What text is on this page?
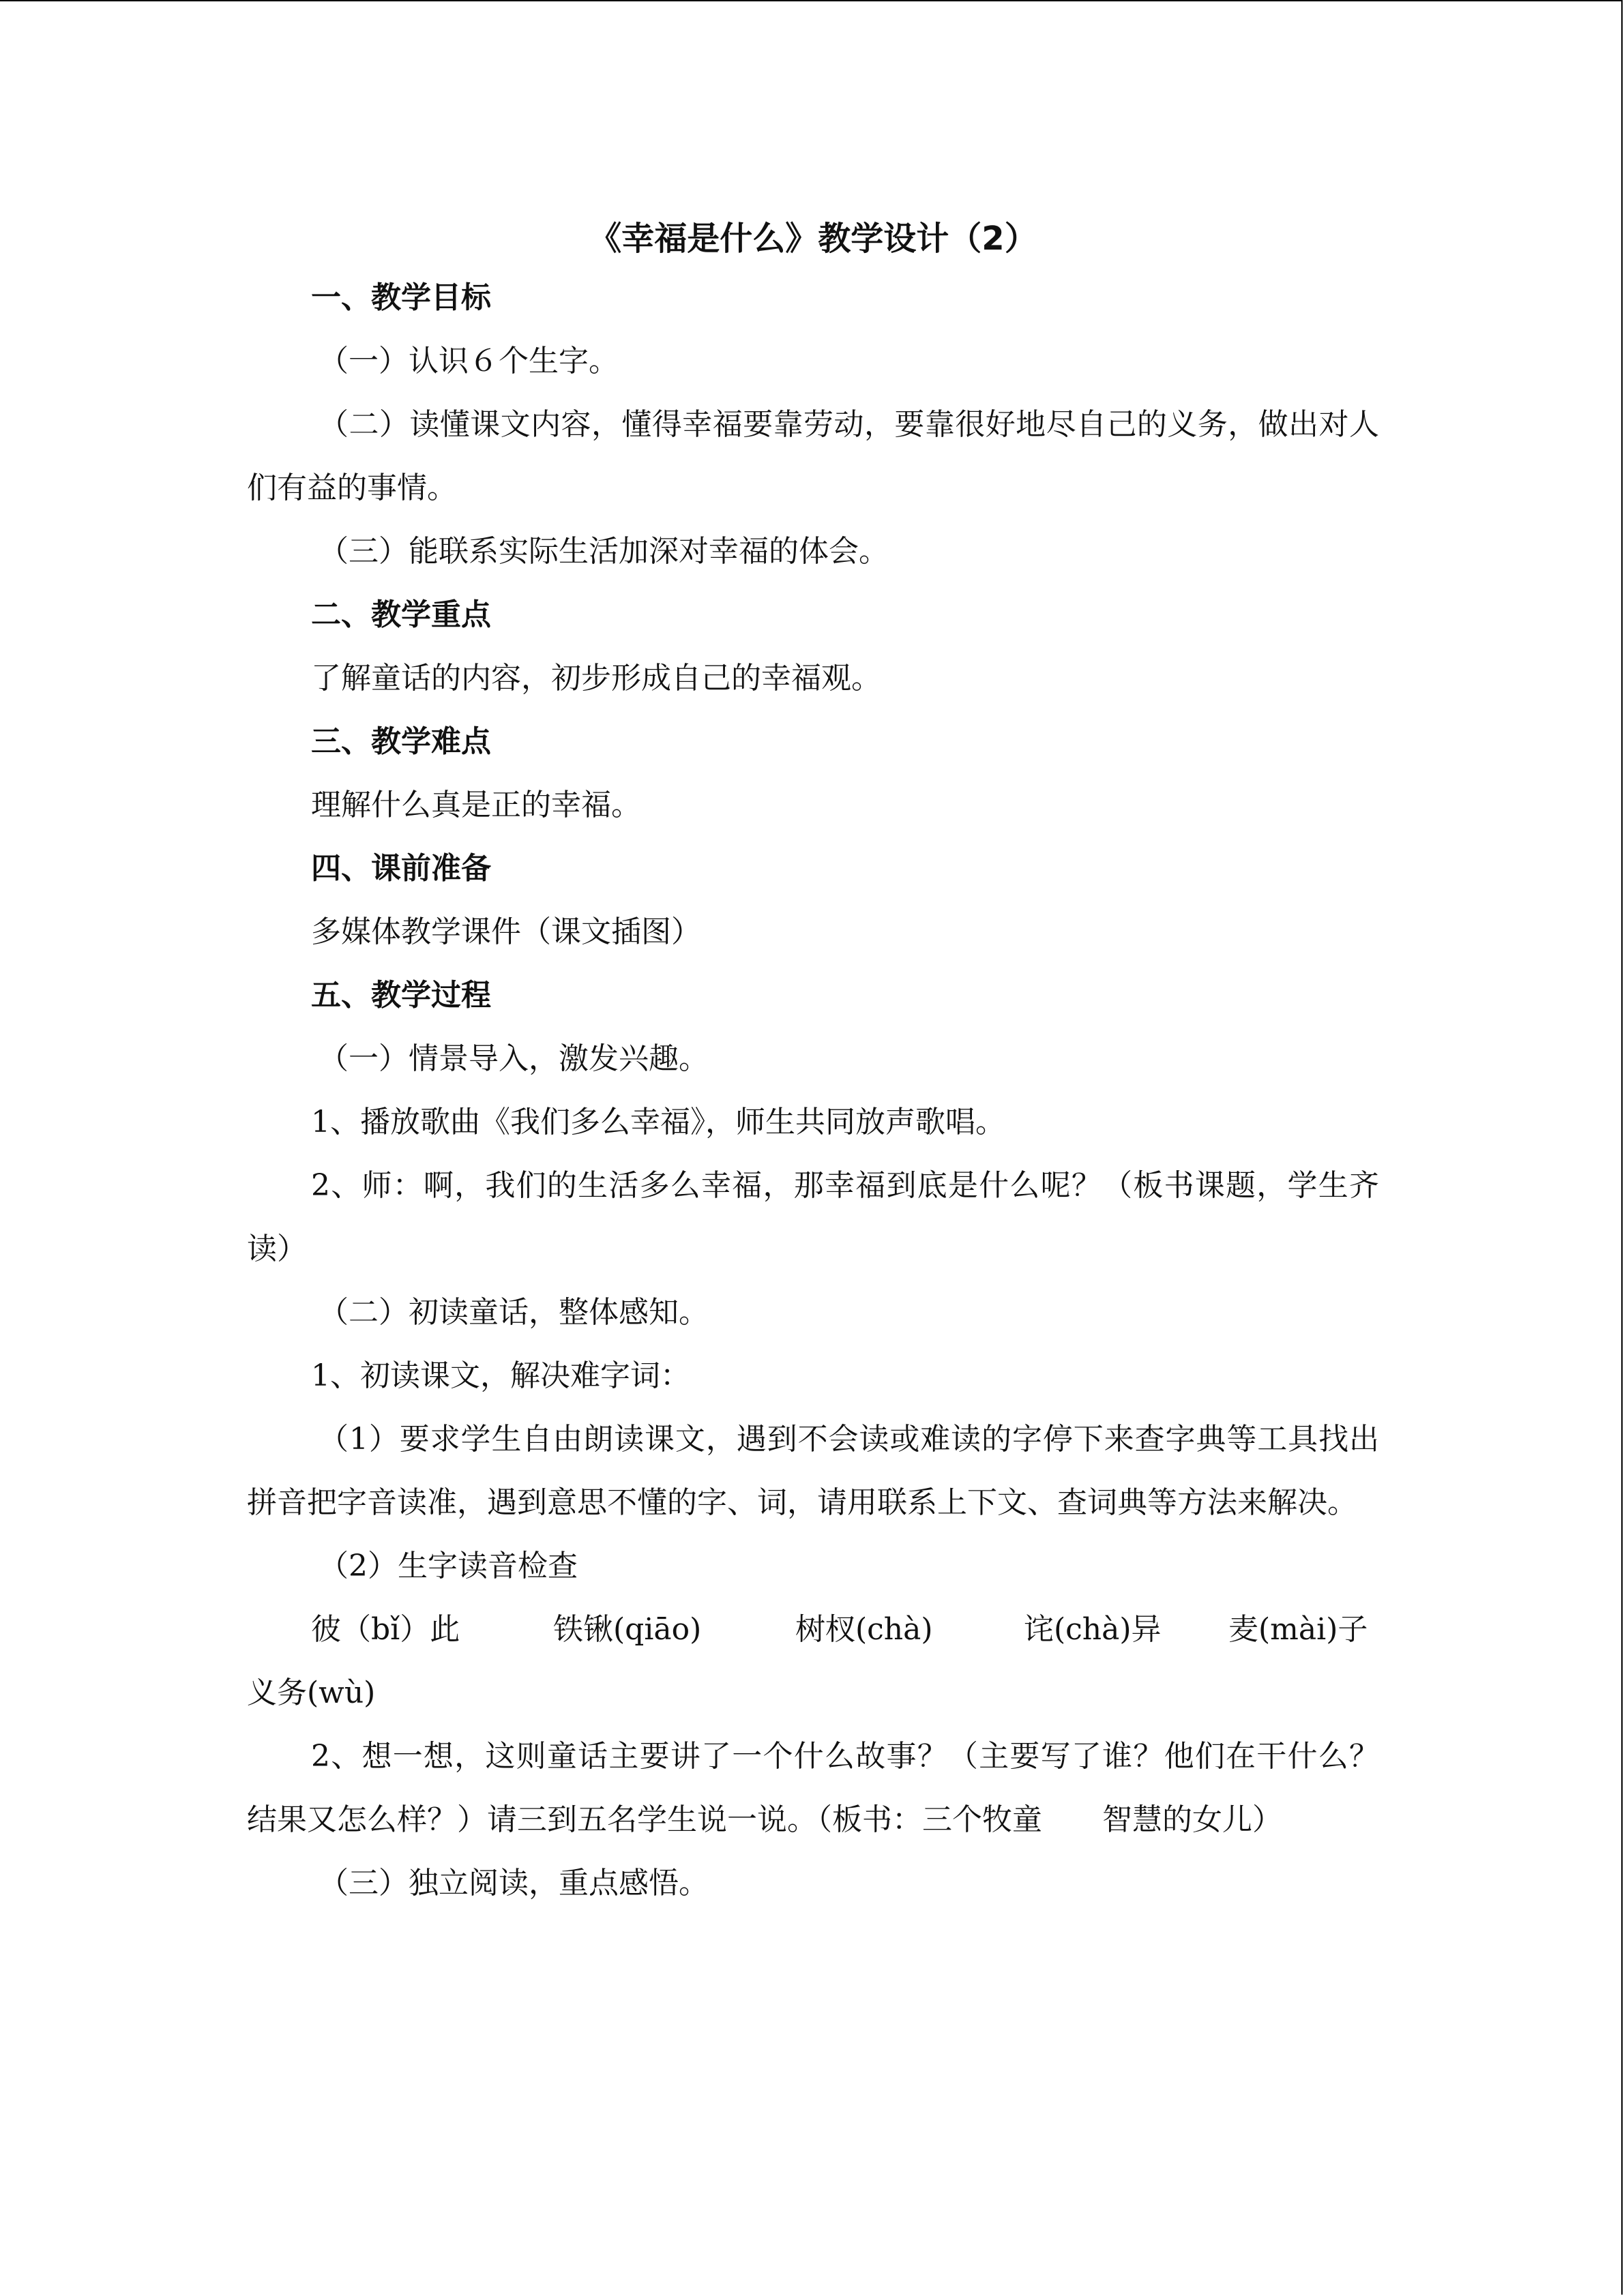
《幸福是什么》教学设计（2）

一、教学目标

（一）认识６个生字。

（二）读懂课文内容，懂得幸福要靠劳动，要靠很好地尽自己的义务，做出对人们有益的事情。

（三）能联系实际生活加深对幸福的体会。

二、教学重点

了解童话的内容，初步形成自己的幸福观。

三、教学难点

理解什么真是正的幸福。

四、课前准备

多媒体教学课件（课文插图）

五、教学过程

（一）情景导入，激发兴趣。

1、播放歌曲《我们多么幸福》，师生共同放声歌唱。

2、师：啊，我们的生活多么幸福，那幸福到底是什么呢？（板书课题，学生齐读）

（二）初读童话，整体感知。

1、初读课文，解决难字词：

（1）要求学生自由朗读课文，遇到不会读或难读的字停下来查字典等工具找出拼音把字音读准，遇到意思不懂的字、词，请用联系上下文、查词典等方法来解决。

（2）生字读音检查

彼（bǐ）此	铁锹(qiāo)	树杈(chà)	诧(chà)异	麦(mài)子

义务(wù)

2、想一想，这则童话主要讲了一个什么故事？（主要写了谁？他们在干什么？结果又怎么样？）请三到五名学生说一说。（板书：三个牧童　　智慧的女儿）

（三）独立阅读，重点感悟。
